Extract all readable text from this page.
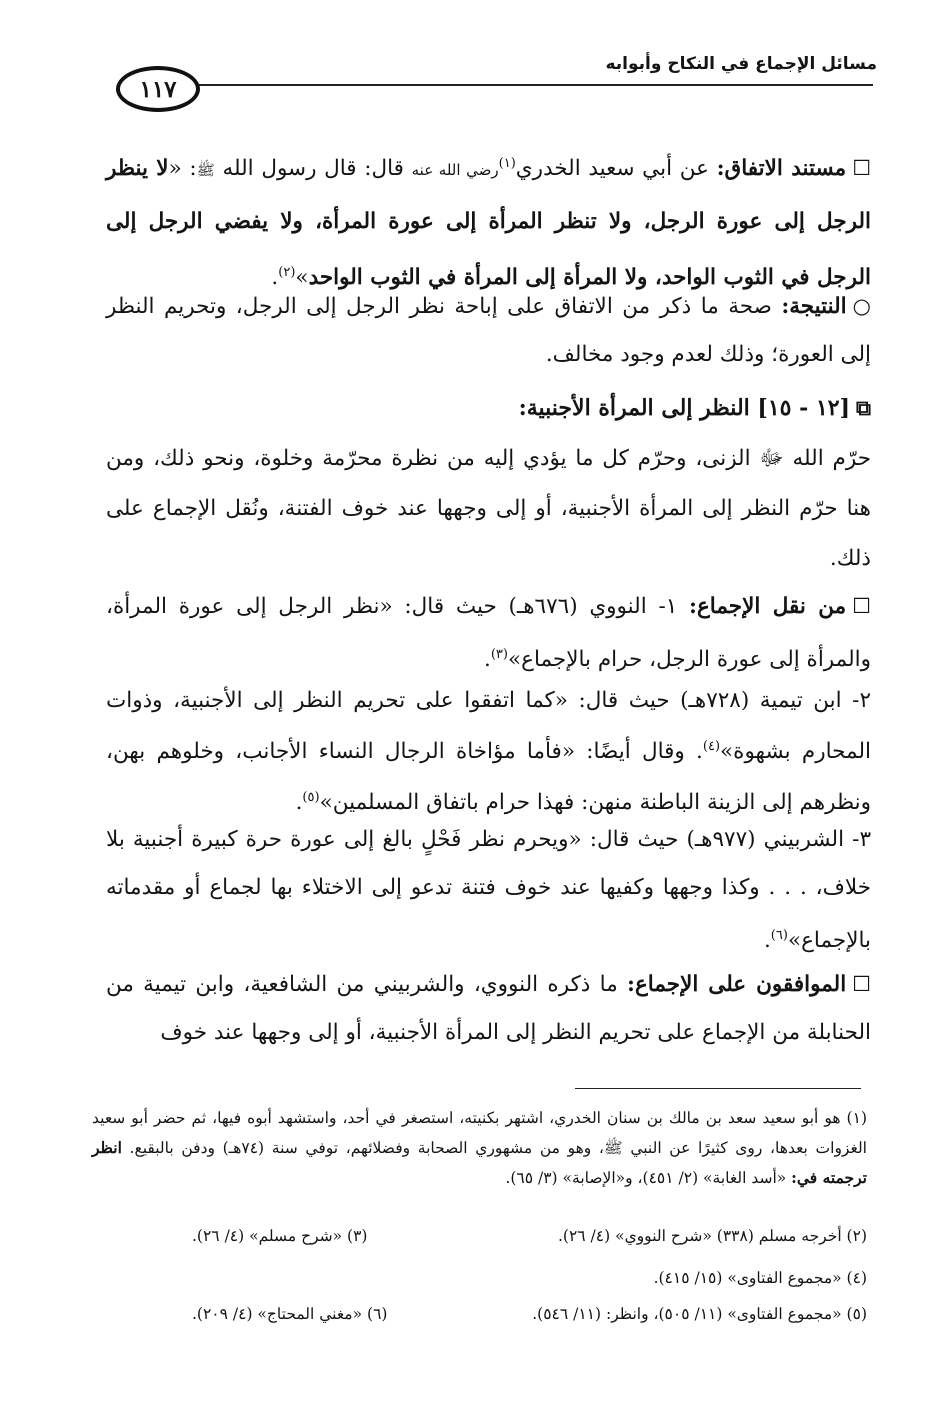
مسائل الإجماع في النكاح وأبوابه
١١٧
☐مستند الاتفاق: عن أبي سعيد الخدري$^{(١)}$رضي الله عنه قال: قال رسول الله ﷺ: «لا ينظر الرجل إلى عورة الرجل، ولا تنظر المرأة إلى عورة المرأة، ولا يفضي الرجل إلى الرجل في الثوب الواحد، ولا المرأة إلى المرأة في الثوب الواحد»$^{(٢)}$.
○النتيجة: صحة ما ذكر من الاتفاق على إباحة نظر الرجل إلى الرجل، وتحريم النظر إلى العورة؛ وذلك لعدم وجود مخالف.
⧉[١٢ - ١٥] النظر إلى المرأة الأجنبية:
حرّم الله ﷻ الزنى، وحرّم كل ما يؤدي إليه من نظرة محرّمة وخلوة، ونحو ذلك، ومن هنا حرّم النظر إلى المرأة الأجنبية، أو إلى وجهها عند خوف الفتنة، ونُقل الإجماع على ذلك.
☐من نقل الإجماع: ١- النووي (٦٧٦هـ) حيث قال: «نظر الرجل إلى عورة المرأة، والمرأة إلى عورة الرجل، حرام بالإجماع»$^{(٣)}$.
٢- ابن تيمية (٧٢٨هـ) حيث قال: «كما اتفقوا على تحريم النظر إلى الأجنبية، وذوات المحارم بشهوة»$^{(٤)}$. وقال أيضًا: «فأما مؤاخاة الرجال النساء الأجانب، وخلوهم بهن، ونظرهم إلى الزينة الباطنة منهن: فهذا حرام باتفاق المسلمين»$^{(٥)}$.
٣- الشربيني (٩٧٧هـ) حيث قال: «ويحرم نظر فَحْلٍ بالغ إلى عورة حرة كبيرة أجنبية بلا خلاف، . . . وكذا وجهها وكفيها عند خوف فتنة تدعو إلى الاختلاء بها لجماع أو مقدماته بالإجماع»$^{(٦)}$.
☐الموافقون على الإجماع: ما ذكره النووي، والشربيني من الشافعية، وابن تيمية من الحنابلة من الإجماع على تحريم النظر إلى المرأة الأجنبية، أو إلى وجهها عند خوف
(١) هو أبو سعيد سعد بن مالك بن سنان الخدري، اشتهر بكنيته، استصغر في أحد، واستشهد أبوه فيها، ثم حضر أبو سعيد الغزوات بعدها، روى كثيرًا عن النبي ﷺ، وهو من مشهوري الصحابة وفضلائهم، توفي سنة (٧٤هـ) ودفن بالبقيع. انظر ترجمته في: «أسد الغابة» (٢/ ٤٥١)، و«الإصابة» (٣/ ٦٥).
(٢) أخرجه مسلم (٣٣٨) «شرح النووي» (٤/ ٢٦).
(٣) «شرح مسلم» (٤/ ٢٦).
(٤) «مجموع الفتاوى» (١٥/ ٤١٥).
(٥) «مجموع الفتاوى» (١١/ ٥٠٥)، وانظر: (١١/ ٥٤٦).
(٦) «مغني المحتاج» (٤/ ٢٠٩).
